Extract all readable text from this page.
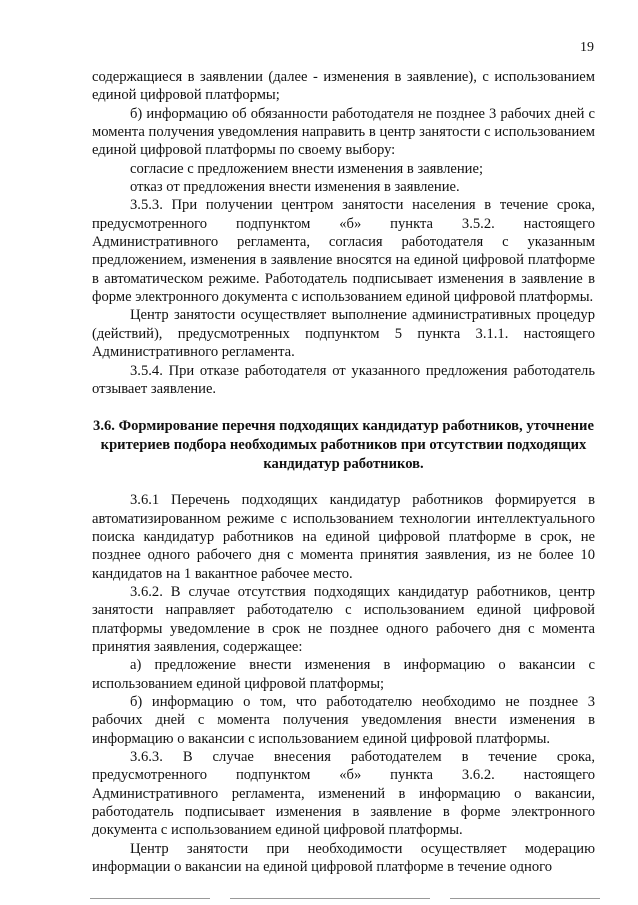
19

содержащиеся в заявлении (далее - изменения в заявление), с использованием единой цифровой платформы;

б) информацию об обязанности работодателя не позднее 3 рабочих дней с момента получения уведомления направить в центр занятости с использованием единой цифровой платформы по своему выбору:

согласие с предложением внести изменения в заявление;

отказ от предложения внести изменения в заявление.

3.5.3. При получении центром занятости населения в течение срока, предусмотренного подпунктом «б» пункта 3.5.2. настоящего Административного регламента, согласия работодателя с указанным предложением, изменения в заявление вносятся на единой цифровой платформе в автоматическом режиме. Работодатель подписывает изменения в заявление в форме электронного документа с использованием единой цифровой платформы.

Центр занятости осуществляет выполнение административных процедур (действий), предусмотренных подпунктом 5 пункта 3.1.1. настоящего Административного регламента.

3.5.4. При отказе работодателя от указанного предложения работодатель отзывает заявление.

3.6. Формирование перечня подходящих кандидатур работников, уточнение критериев подбора необходимых работников при отсутствии подходящих кандидатур работников.

3.6.1 Перечень подходящих кандидатур работников формируется в автоматизированном режиме с использованием технологии интеллектуального поиска кандидатур работников на единой цифровой платформе в срок, не позднее одного рабочего дня с момента принятия заявления, из не более 10 кандидатов на 1 вакантное рабочее место.

3.6.2. В случае отсутствия подходящих кандидатур работников, центр занятости направляет работодателю с использованием единой цифровой платформы уведомление в срок не позднее одного рабочего дня с момента принятия заявления, содержащее:

а) предложение внести изменения в информацию о вакансии с использованием единой цифровой платформы;

б) информацию о том, что работодателю необходимо не позднее 3 рабочих дней с момента получения уведомления внести изменения в информацию о вакансии с использованием единой цифровой платформы.

3.6.3. В случае внесения работодателем в течение срока, предусмотренного подпунктом «б» пункта 3.6.2. настоящего Административного регламента, изменений в информацию о вакансии, работодатель подписывает изменения в заявление в форме электронного документа с использованием единой цифровой платформы.

Центр занятости при необходимости осуществляет модерацию информации о вакансии на единой цифровой платформе в течение одного
